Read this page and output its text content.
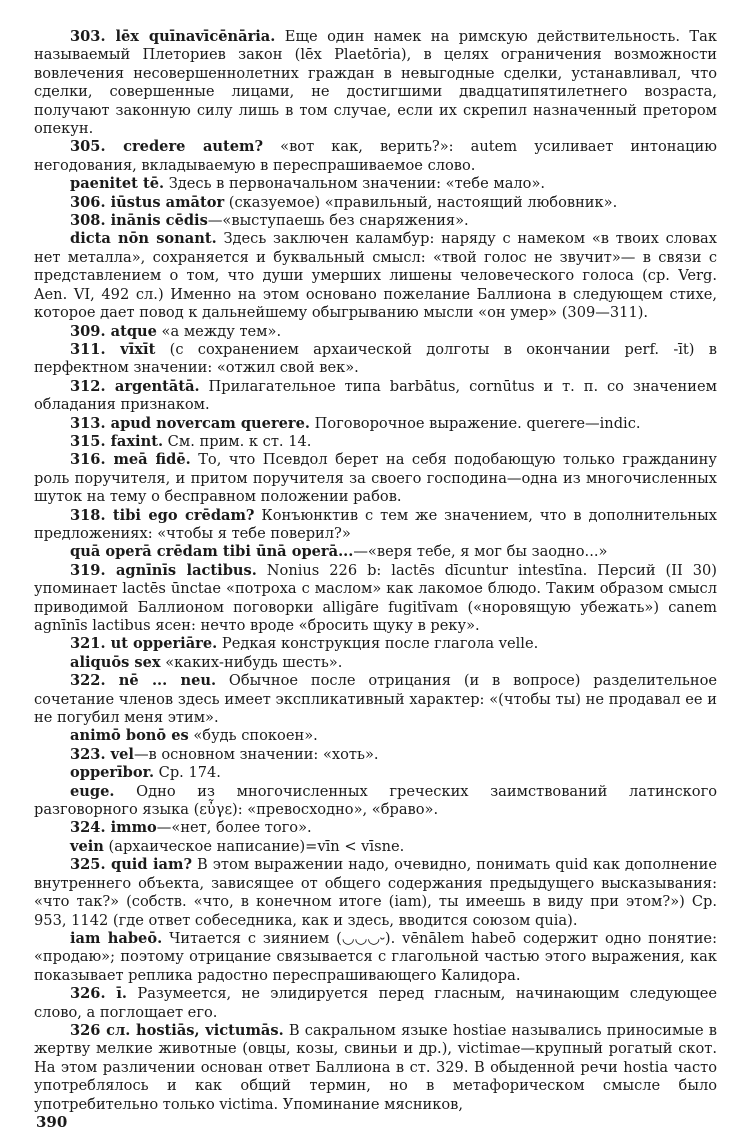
303. lēx quīnavīcēnāria. Еще один намек на римскую действительность. Так называемый Плеториев закон (lēx Plaetōria), в целях ограничения возможности вовлечения несовершеннолетних граждан в невыгодные сделки, устанавливал, что сделки, совершенные лицами, не достигшими двадцатипятилетнего возраста, получают законную силу лишь в том случае, если их скрепил назначенный претором опекун.

305. credere autem? «вот как, верить?»: autem усиливает интонацию негодования, вкладываемую в переспрашиваемое слово.

paenitet tē. Здесь в первоначальном значении: «тебе мало».

306. iūstus amātor (сказуемое) «правильный, настоящий любовник».

308. inānis cēdis—«выступаешь без снаряжения».

dicta nōn sonant. Здесь заключен каламбур: наряду с намеком «в твоих словах нет металла», сохраняется и буквальный смысл: «твой голос не звучит»— в связи с представлением о том, что души умерших лишены человеческого голоса (ср. Verg. Aen. VI, 492 сл.) Именно на этом основано пожелание Баллиона в следующем стихе, которое дает повод к дальнейшему обыгрыванию мысли «он умер» (309—311).

309. atque «а между тем».

311. vīxīt (с сохранением архаической долготы в окончании perf. -īt) в перфектном значении: «отжил свой век».

312. argentātā. Прилагательное типа barbātus, cornūtus и т. п. со значением обладания признаком.

313. apud novercam querere. Поговорочное выражение. querere—indic.

315. faxint. См. прим. к ст. 14.

316. meā fidē. То, что Псевдол берет на себя подобающую только гражданину роль поручителя, и притом поручителя за своего господина—одна из многочисленных шуток на тему о бесправном положении рабов.

318. tibi ego crēdam? Конъюнктив с тем же значением, что в дополнительных предложениях: «чтобы я тебе поверил?»

quā operā crēdam tibi ūnā operā...—«веря тебе, я мог бы заодно...»

319. agnīnīs lactibus. Nonius 226 b: lactēs dīcuntur intestīna. Персий (II 30) упоминает lactēs ūnctae «потроха с маслом» как лакомое блюдо. Таким образом смысл приводимой Баллионом поговорки alligāre fugitīvam («норовящую убежать») canem agnīnīs lactibus ясен: нечто вроде «бросить щуку в реку».

321. ut opperiāre. Редкая конструкция после глагола velle.

aliquōs sex «каких-нибудь шесть».

322. nē ... neu. Обычное после отрицания (и в вопросе) разделительное сочетание членов здесь имеет экспликативный характер: «(чтобы ты) не продавал ее и не погубил меня этим».

animō bonō es «будь спокоен».

323. vel—в основном значении: «хоть».

opperībor. Ср. 174.

euge. Одно из многочисленных греческих заимствований латинского разговорного языка (εὖγε): «превосходно», «браво».

324. immo—«нет, более того».

vein (архаическое написание)=vīn < vīsne.

325. quid iam? В этом выражении надо, очевидно, понимать quid как дополнение внутреннего объекта, зависящее от общего содержания предыдущего высказывания: «что так?» (собств. «что, в конечном итоге (iam), ты имеешь в виду при этом?») Ср. 953, 1142 (где ответ собеседника, как и здесь, вводится союзом quia).

iam habeō. Читается с зиянием (◡◡◡⏑). vēnālem habeō содержит одно понятие: «продаю»; поэтому отрицание связывается с глагольной частью этого выражения, как показывает реплика радостно переспрашивающего Калидора.

326. ī. Разумеется, не элидируется перед гласным, начинающим следующее слово, а поглощает его.

326 сл. hostiās, victumās. В сакральном языке hostiae назывались приносимые в жертву мелкие животные (овцы, козы, свиньи и др.), victimae—крупный рогатый скот. На этом различении основан ответ Баллиона в ст. 329. В обыденной речи hostia часто употреблялось и как общий термин, но в метафорическом смысле было употребительно только victima. Упоминание мясников,

390
